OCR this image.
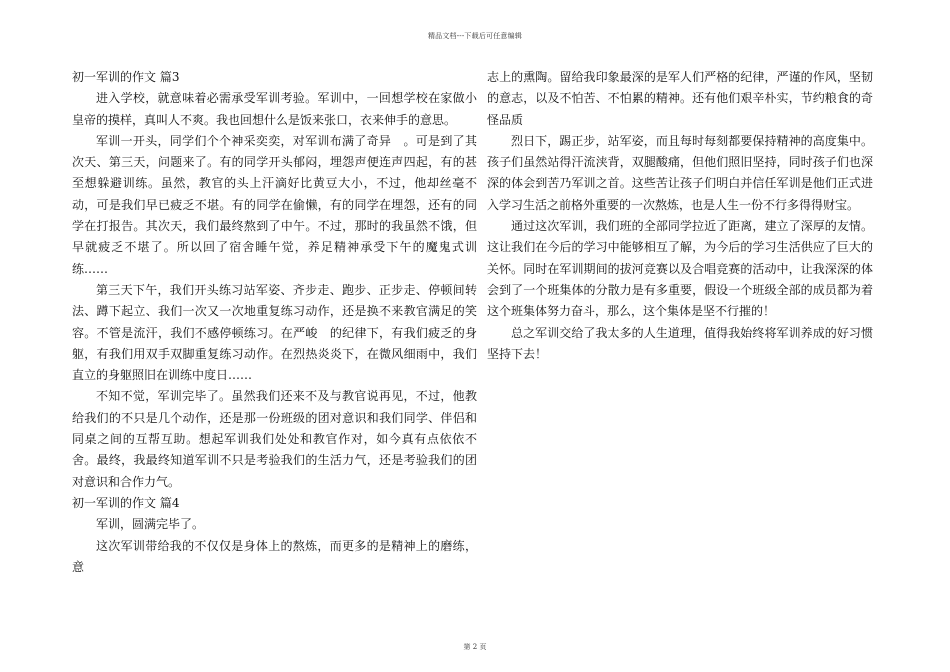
精品文档---下载后可任意编辑

初一军训的作文 篇3

进入学校，就意味着必需承受军训考验。军训中，一回想学校在家做小皇帝的摸样，真叫人不爽。我也回想什么是饭来张口，衣来伸手的意思。

军训一开头，同学们个个神采奕奕，对军训布满了奇异　。可是到了其次天、第三天，问题来了。有的同学开头郁闷，埋怨声便连声四起，有的甚至想躲避训练。虽然，教官的头上汗滴好比黄豆大小，不过，他却丝毫不动，可是我们早已疲乏不堪。有的同学在偷懒，有的同学在埋怨，还有的同学在打报告。其次天，我们最终熬到了中午。不过，那时的我虽然不饿，但早就疲乏不堪了。所以回了宿舍睡午觉，养足精神承受下午的魔鬼式训练……

第三天下午，我们开头练习站军姿、齐步走、跑步、正步走、停顿间转法、蹲下起立、我们一次又一次地重复练习动作，还是换不来教官满足的笑容。不管是流汗，我们不感停顿练习。在严峻　的纪律下，有我们疲乏的身躯，有我们用双手双脚重复练习动作。在烈热炎炎下，在微风细雨中，我们直立的身躯照旧在训练中度日……

不知不觉，军训完毕了。虽然我们还来不及与教官说再见，不过，他教给我们的不只是几个动作，还是那一份班级的团对意识和我们同学、伴侣和同桌之间的互帮互助。想起军训我们处处和教官作对，如今真有点依依不舍。最终，我最终知道军训不只是考验我们的生活力气，还是考验我们的团对意识和合作力气。

初一军训的作文 篇4

军训，圆满完毕了。

这次军训带给我的不仅仅是身体上的熬炼，而更多的是精神上的磨练，意

志上的熏陶。留给我印象最深的是军人们严格的纪律，严谨的作风，坚韧的意志，以及不怕苦、不怕累的精神。还有他们艰辛朴实，节约粮食的奇怪品质

烈日下，踢正步，站军姿，而且每时每刻都要保持精神的高度集中。孩子们虽然站得汗流浃背，双腿酸痛，但他们照旧坚持，同时孩子们也深深的体会到苦乃军训之首。这些苦让孩子们明白并信任军训是他们正式进入学习生活之前格外重要的一次熬炼，也是人生一份不行多得得财宝。

通过这次军训，我们班的全部同学拉近了距离，建立了深厚的友情。这让我们在今后的学习中能够相互了解，为今后的学习生活供应了巨大的关怀。同时在军训期间的拔河竞赛以及合唱竞赛的活动中，让我深深的体会到了一个班集体的分散力是有多重要，假设一个班级全部的成员都为着这个班集体努力奋斗，那么，这个集体是坚不行摧的！

总之军训交给了我太多的人生道理，值得我始终将军训养成的好习惯坚持下去！

第 2 页
